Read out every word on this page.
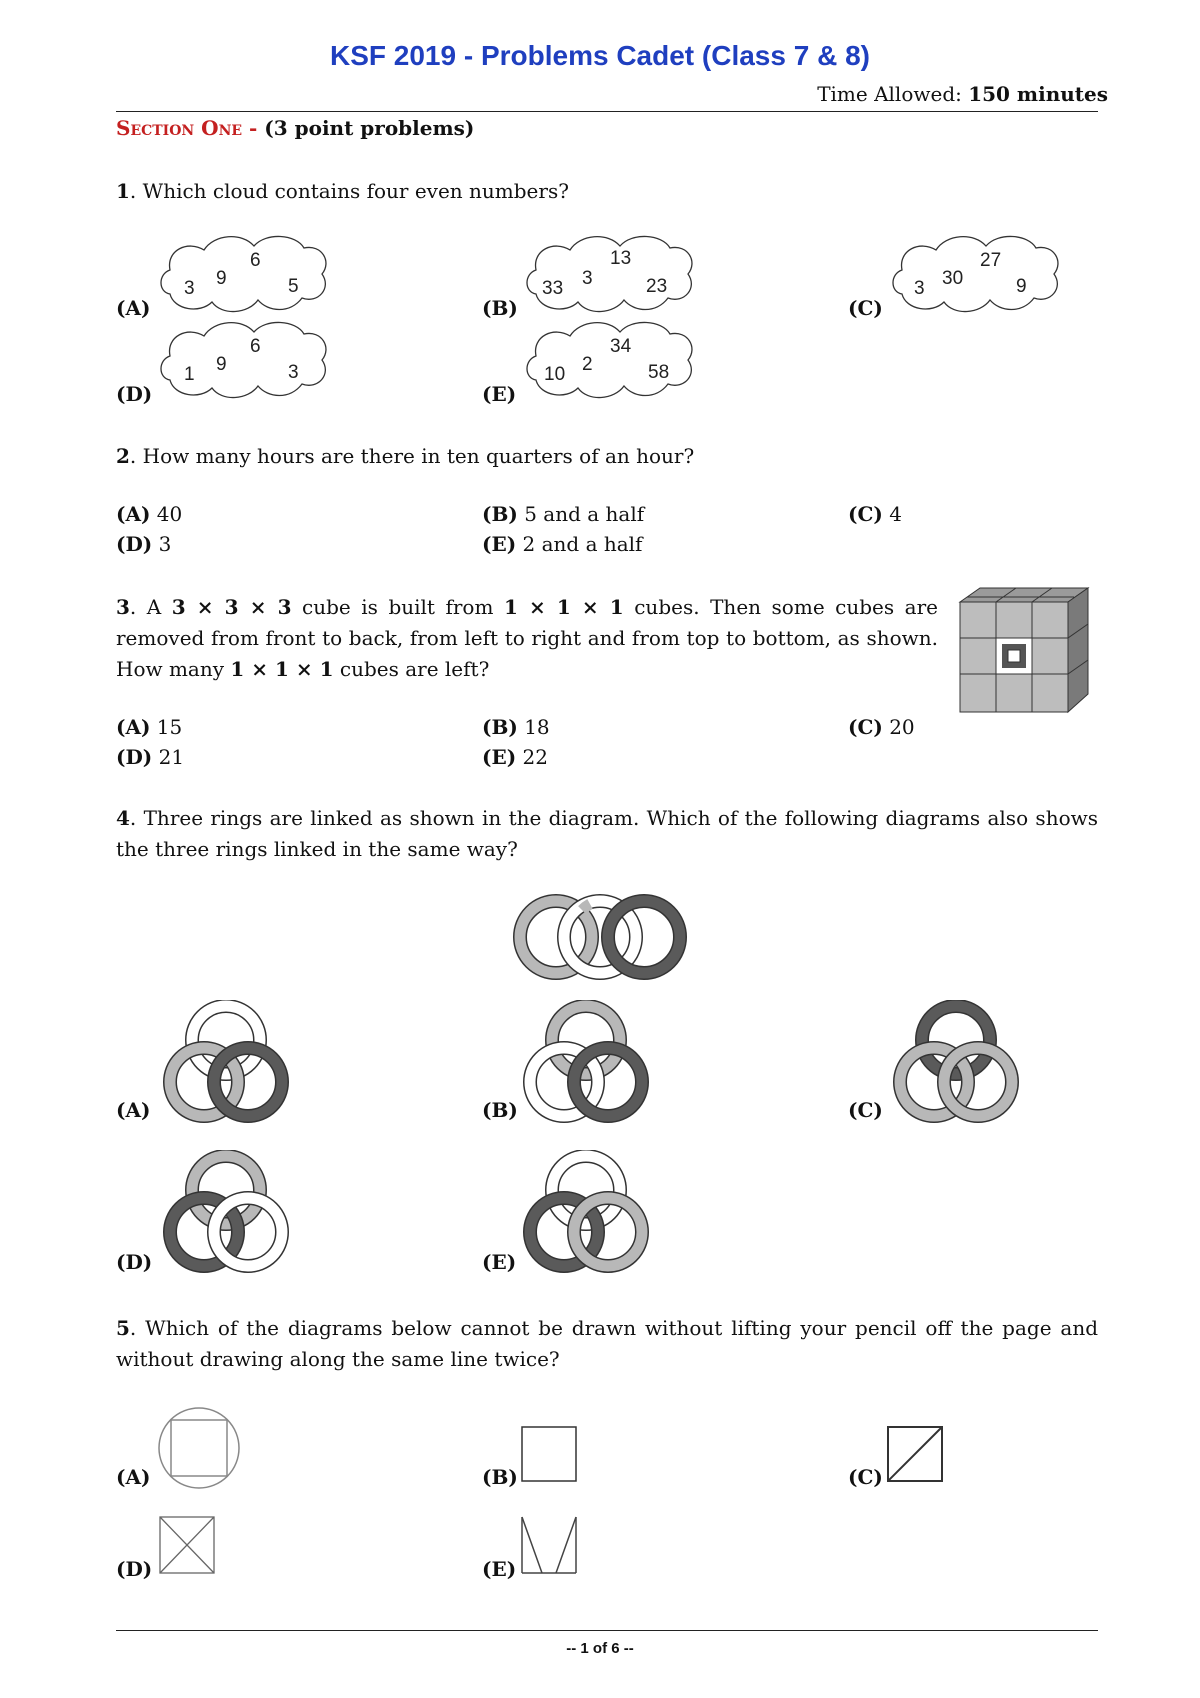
KSF 2019 - Problems Cadet (Class 7 & 8)
Time Allowed: 150 minutes
Section One - (3 point problems)
1. Which cloud contains four even numbers?
(A)
3 9
6
5
(B)
33 3
13
23
(C)
3 30
27
9
(D)
1 9
6
3
(E)
10 2
34
58
2. How many hours are there in ten quarters of an hour?
(A) 40	(B) 5 and a half	(C) 4
(D) 3	(E) 2 and a half
3. A 3 × 3 × 3 cube is built from 1 × 1 × 1 cubes. Then some cubes are removed from front to back, from left to right and from top to bottom, as shown. How many 1 × 1 × 1 cubes are left?
(A) 15	(B) 18	(C) 20
(D) 21	(E) 22
4. Three rings are linked as shown in the diagram. Which of the following diagrams also shows the three rings linked in the same way?
(A)	(B)	(C)
(D)	(E)
5. Which of the diagrams below cannot be drawn without lifting your pencil off the page and without drawing along the same line twice?
(A)	(B)	(C)
(D)	(E)
-- 1 of 6 --
